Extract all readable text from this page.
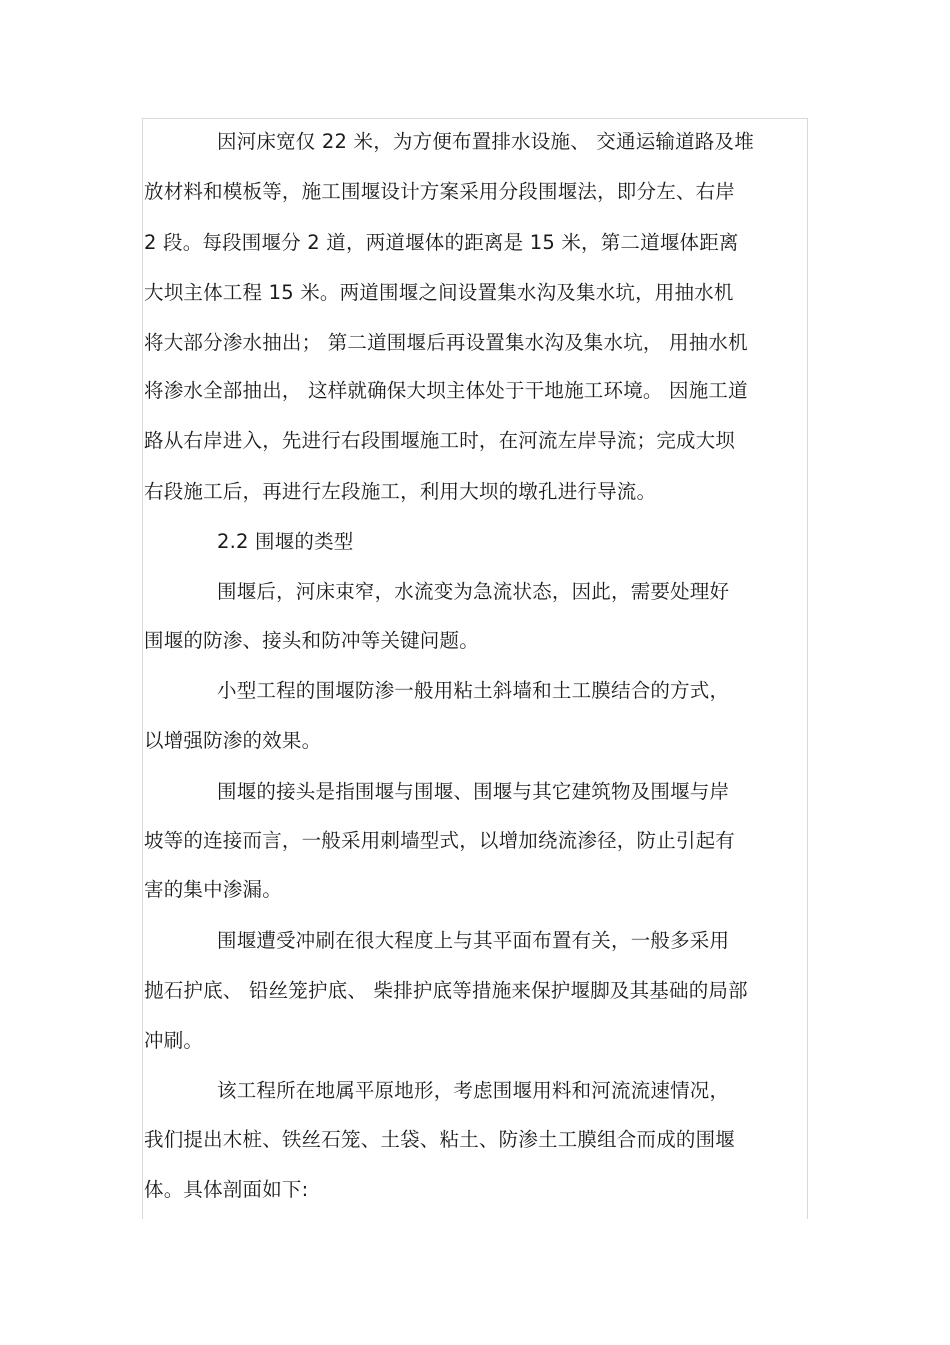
因河床宽仅 22 米，为方便布置排水设施、 交通运输道路及堆
放材料和模板等，施工围堰设计方案采用分段围堰法，即分左、右岸
2 段。每段围堰分 2 道，两道堰体的距离是 15 米，第二道堰体距离
大坝主体工程 15 米。两道围堰之间设置集水沟及集水坑，用抽水机
将大部分渗水抽出； 第二道围堰后再设置集水沟及集水坑， 用抽水机
将渗水全部抽出， 这样就确保大坝主体处于干地施工环境。 因施工道
路从右岸进入，先进行右段围堰施工时，在河流左岸导流；完成大坝
右段施工后，再进行左段施工，利用大坝的墩孔进行导流。
2.2 围堰的类型
围堰后，河床束窄，水流变为急流状态，因此，需要处理好
围堰的防渗、接头和防冲等关键问题。
小型工程的围堰防渗一般用粘土斜墙和土工膜结合的方式，
以增强防渗的效果。
围堰的接头是指围堰与围堰、围堰与其它建筑物及围堰与岸
坡等的连接而言，一般采用刺墙型式，以增加绕流渗径，防止引起有
害的集中渗漏。
围堰遭受冲刷在很大程度上与其平面布置有关，一般多采用
抛石护底、 铅丝笼护底、 柴排护底等措施来保护堰脚及其基础的局部
冲刷。
该工程所在地属平原地形，考虑围堰用料和河流流速情况，
我们提出木桩、铁丝石笼、土袋、粘土、防渗土工膜组合而成的围堰
体。具体剖面如下:
